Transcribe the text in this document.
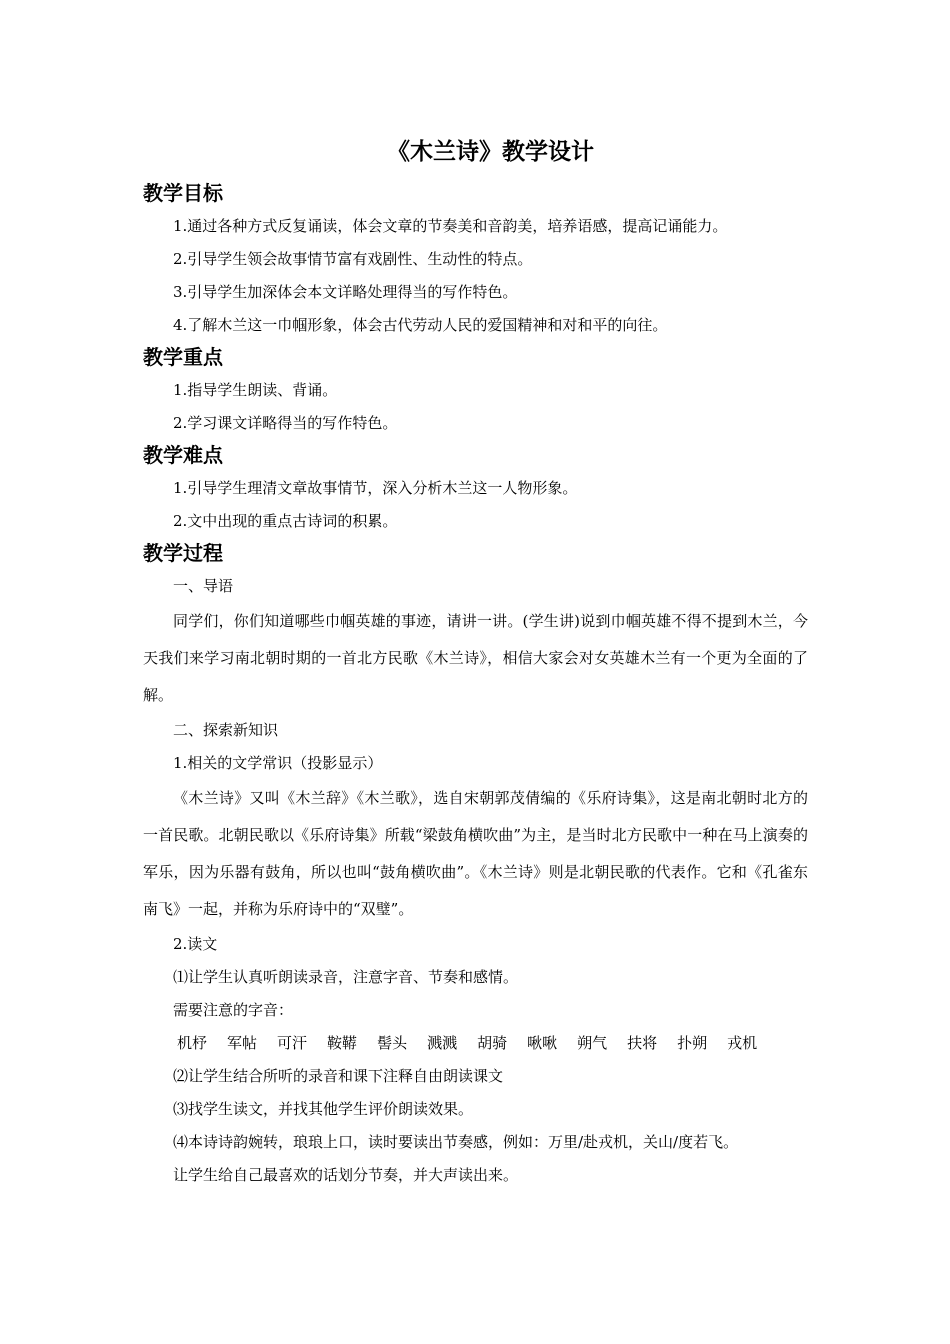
《木兰诗》教学设计
教学目标

1.通过各种方式反复诵读，体会文章的节奏美和音韵美，培养语感，提高记诵能力。

2.引导学生领会故事情节富有戏剧性、生动性的特点。

3.引导学生加深体会本文详略处理得当的写作特色。

4.了解木兰这一巾帼形象，体会古代劳动人民的爱国精神和对和平的向往。

教学重点

1.指导学生朗读、背诵。

2.学习课文详略得当的写作特色。

教学难点

1.引导学生理清文章故事情节，深入分析木兰这一人物形象。

2.文中出现的重点古诗词的积累。

教学过程

一、导语

同学们，你们知道哪些巾帼英雄的事迹，请讲一讲。(学生讲)说到巾帼英雄不得不提到木兰，今天我们来学习南北朝时期的一首北方民歌《木兰诗》，相信大家会对女英雄木兰有一个更为全面的了解。

二、探索新知识

1.相关的文学常识（投影显示）

《木兰诗》又叫《木兰辞》《木兰歌》，选自宋朝郭茂倩编的《乐府诗集》，这是南北朝时北方的一首民歌。北朝民歌以《乐府诗集》所载“梁鼓角横吹曲”为主，是当时北方民歌中一种在马上演奏的军乐，因为乐器有鼓角，所以也叫“鼓角横吹曲”。《木兰诗》则是北朝民歌的代表作。它和《孔雀东南飞》一起，并称为乐府诗中的“双璧”。

2.读文

⑴让学生认真听朗读录音，注意字音、节奏和感情。

需要注意的字音：

机杼 军帖 可汗 鞍鞯 髻头 溅溅 胡骑 啾啾 朔气 扶将 扑朔 戎机

⑵让学生结合所听的录音和课下注释自由朗读课文

⑶找学生读文，并找其他学生评价朗读效果。

⑷本诗诗韵婉转，琅琅上口，读时要读出节奏感，例如：万里/赴戎机，关山/度若飞。

让学生给自己最喜欢的话划分节奏，并大声读出来。
